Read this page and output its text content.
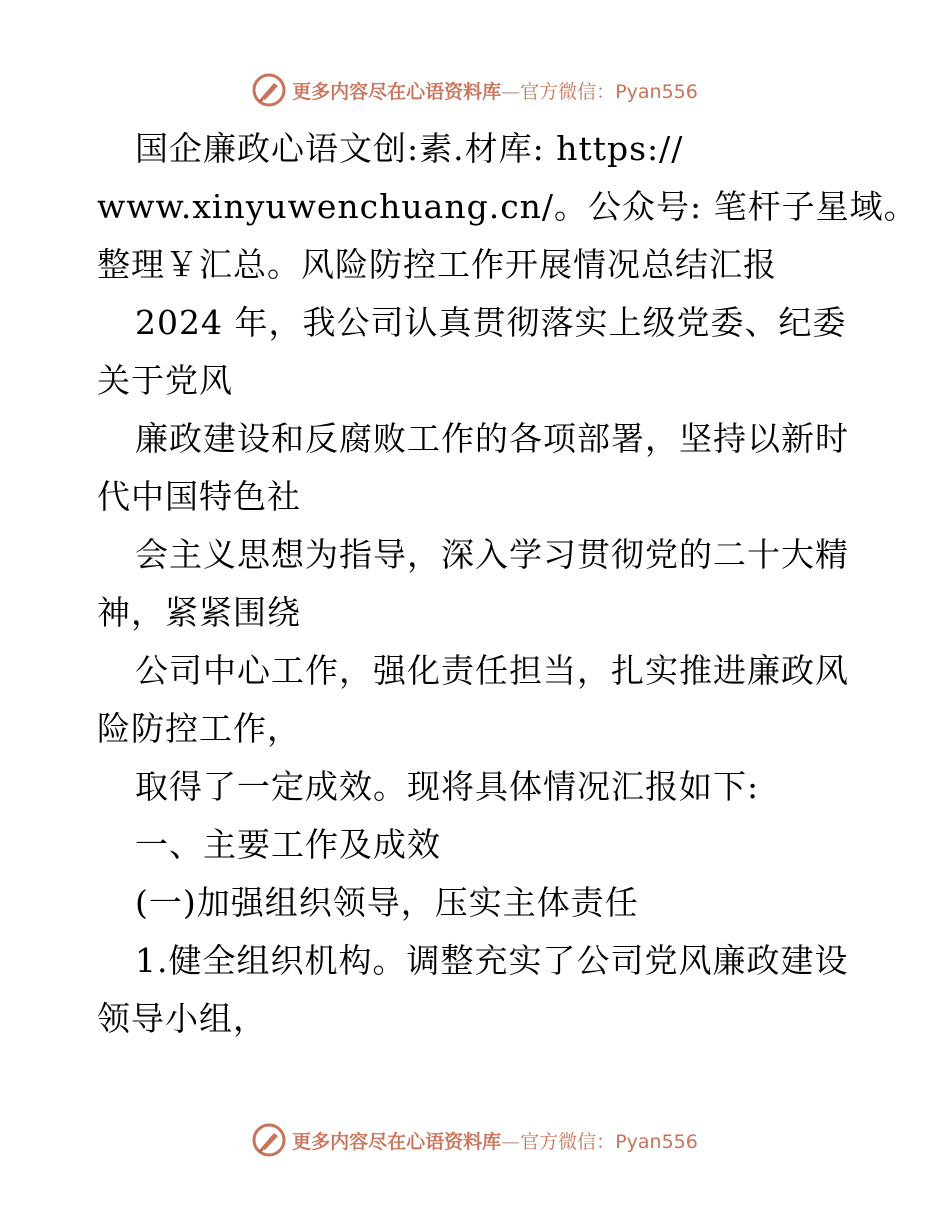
更多内容尽在心语资料库—官方微信：Pyan556
国企廉政心语文创:素.材库: https://
www.xinyuwenchuang.cn/。公众号: 笔杆子星域。
整理￥汇总。风险防控工作开展情况总结汇报
2024 年，我公司认真贯彻落实上级党委、纪委
关于党风
廉政建设和反腐败工作的各项部署，坚持以新时
代中国特色社
会主义思想为指导，深入学习贯彻党的二十大精
神，紧紧围绕
公司中心工作，强化责任担当，扎实推进廉政风
险防控工作，
取得了一定成效。现将具体情况汇报如下:
一、主要工作及成效
(一)加强组织领导，压实主体责任
1.健全组织机构。调整充实了公司党风廉政建设
领导小组，
更多内容尽在心语资料库—官方微信：Pyan556
